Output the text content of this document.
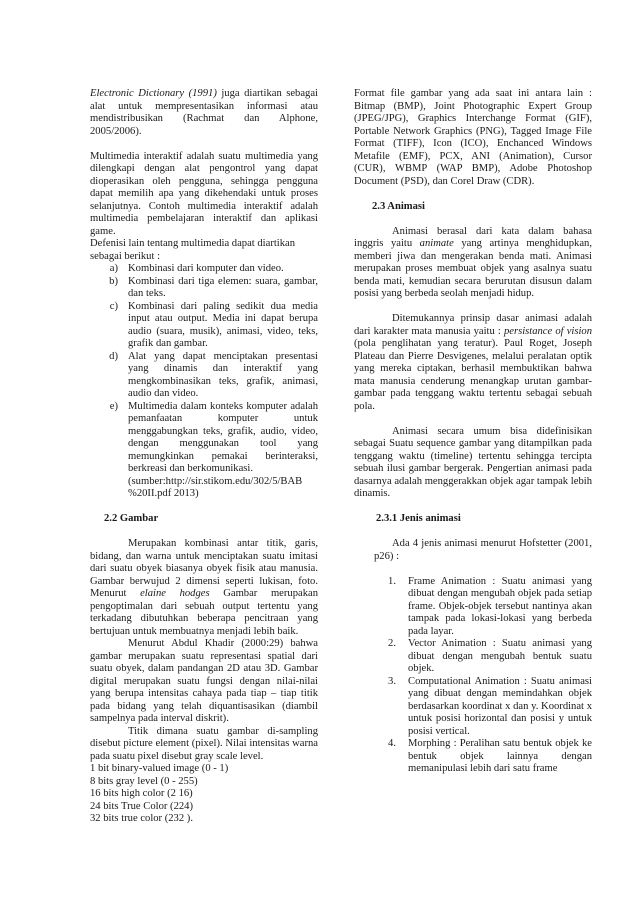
Electronic Dictionary (1991) juga diartikan sebagai alat untuk mempresentasikan informasi atau mendistribusikan (Rachmat dan Alphone, 2005/2006).

Multimedia interaktif adalah suatu multimedia yang dilengkapi dengan alat pengontrol yang dapat dioperasikan oleh pengguna, sehingga pengguna dapat memilih apa yang dikehendaki untuk proses selanjutnya. Contoh multimedia interaktif adalah multimedia pembelajaran interaktif dan aplikasi game.

Defenisi lain tentang multimedia dapat diartikan sebagai berikut :

a) Kombinasi dari komputer dan video.
b) Kombinasi dari tiga elemen: suara, gambar, dan teks.
c) Kombinasi dari paling sedikit dua media input atau output. Media ini dapat berupa audio (suara, musik), animasi, video, teks, grafik dan gambar.
d) Alat yang dapat menciptakan presentasi yang dinamis dan interaktif yang mengkombinasikan teks, grafik, animasi, audio dan video.
e) Multimedia dalam konteks komputer adalah pemanfaatan komputer untuk menggabungkan teks, grafik, audio, video, dengan menggunakan tool yang memungkinkan pemakai berinteraksi, berkreasi dan berkomunikasi.

(sumber:http://sir.stikom.edu/302/5/BAB %20II.pdf 2013)

2.2 Gambar

Merupakan kombinasi antar titik, garis, bidang, dan warna untuk menciptakan suatu imitasi dari suatu obyek biasanya obyek fisik atau manusia. Gambar berwujud 2 dimensi seperti lukisan, foto. Menurut elaine hodges Gambar merupakan pengoptimalan dari sebuah output tertentu yang terkadang dibutuhkan beberapa pencitraan yang bertujuan untuk membuatnya menjadi lebih baik.

Menurut Abdul Khadir (2000:29) bahwa gambar merupakan suatu representasi spatial dari suatu obyek, dalam pandangan 2D atau 3D. Gambar digital merupakan suatu fungsi dengan nilai-nilai yang berupa intensitas cahaya pada tiap – tiap titik pada bidang yang telah diquantisasikan (diambil sampelnya pada interval diskrit).

Titik dimana suatu gambar di-sampling disebut picture element (pixel). Nilai intensitas warna pada suatu pixel disebut gray scale level.

1 bit binary-valued image (0 - 1)

8 bits gray level (0 - 255)

16 bits high color (2 16)

24 bits True Color (224)

32 bits true color (232 ).

Format file gambar yang ada saat ini antara lain : Bitmap (BMP), Joint Photographic Expert Group (JPEG/JPG), Graphics Interchange Format (GIF), Portable Network Graphics (PNG), Tagged Image File Format (TIFF), Icon (ICO), Enchanced Windows Metafile (EMF), PCX, ANI (Animation), Cursor (CUR), WBMP (WAP BMP), Adobe Photoshop Document (PSD), dan Corel Draw (CDR).

2.3 Animasi

Animasi berasal dari kata dalam bahasa inggris yaitu animate yang artinya menghidupkan, memberi jiwa dan mengerakan benda mati. Animasi merupakan proses membuat objek yang asalnya suatu benda mati, kemudian secara berurutan disusun dalam posisi yang berbeda seolah menjadi hidup.

Ditemukannya prinsip dasar animasi adalah dari karakter mata manusia yaitu : persistance of vision (pola penglihatan yang teratur). Paul Roget, Joseph Plateau dan Pierre Desvigenes, melalui peralatan optik yang mereka ciptakan, berhasil membuktikan bahwa mata manusia cenderung menangkap urutan gambar-gambar pada tenggang waktu tertentu sebagai sebuah pola.

Animasi secara umum bisa didefinisikan sebagai Suatu sequence gambar yang ditampilkan pada tenggang waktu (timeline) tertentu sehingga tercipta sebuah ilusi gambar bergerak. Pengertian animasi pada dasarnya adalah menggerakkan objek agar tampak lebih dinamis.

2.3.1 Jenis animasi

Ada 4 jenis animasi menurut Hofstetter (2001, p26) :

1.	Frame Animation : Suatu animasi yang dibuat dengan mengubah objek pada setiap frame. Objek-objek tersebut nantinya akan tampak pada lokasi-lokasi yang berbeda pada layar.
2.	Vector Animation : Suatu animasi yang dibuat dengan mengubah bentuk suatu objek.
3.	Computational Animation : Suatu animasi yang dibuat dengan memindahkan objek berdasarkan koordinat x dan y. Koordinat x untuk posisi horizontal dan posisi y untuk posisi vertical.
4.	Morphing : Peralihan satu bentuk objek ke bentuk objek lainnya dengan memanipulasi lebih dari satu frame
